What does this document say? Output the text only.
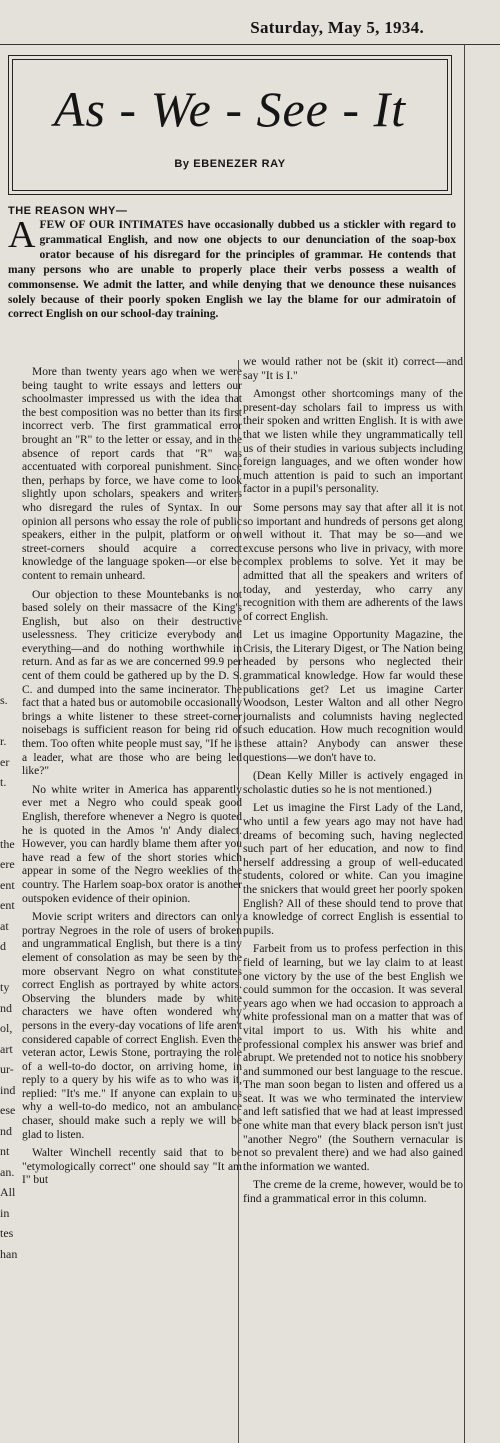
Saturday, May 5, 1934.
As - We - See - It
By EBENEZER RAY
THE REASON WHY—
A FEW OF OUR INTIMATES have occasionally dubbed us a stickler with regard to grammatical English, and now one objects to our denunciation of the soap-box orator because of his disregard for the principles of grammar. He contends that many persons who are unable to properly place their verbs possess a wealth of commonsense. We admit the latter, and while denying that we denounce these nuisances solely because of their poorly spoken English we lay the blame for our admiratoin of correct English on our school-day training.

More than twenty years ago when we were being taught to write essays and letters our schoolmaster impressed us with the idea that the best composition was no better than its first incorrect verb. The first grammatical error brought an "R" to the letter or essay, and in the absence of report cards that "R" was accentuated with corporeal punishment. Since then, perhaps by force, we have come to look slightly upon scholars, speakers and writers who disregard the rules of Syntax. In our opinion all persons who essay the role of public speakers, either in the pulpit, platform or on street-corners should acquire a correct knowledge of the language spoken—or else be content to remain unheard.

Our objection to these Mountebanks is not based solely on their massacre of the King's English, but also on their destructive uselessness. They criticize everybody and everything—and do nothing worthwhile in return. And as far as we are concerned 99.9 per cent of them could be gathered up by the D. S. C. and dumped into the same incinerator. The fact that a hated bus or automobile occasionally brings a white listener to these street-corner noisebags is sufficient reason for being rid of them. Too often white people must say, "If he is a leader, what are those who are being led like?"

No white writer in America has apparently ever met a Negro who could speak good English, therefore whenever a Negro is quoted he is quoted in the Amos 'n' Andy dialect. However, you can hardly blame them after you have read a few of the short stories which appear in some of the Negro weeklies of the country. The Harlem soap-box orator is another outspoken evidence of their opinion.

Movie script writers and directors can only portray Negroes in the role of users of broken and ungrammatical English, but there is a tiny element of consolation as may be seen by the more observant Negro on what constitutes correct English as portrayed by white actors. Observing the blunders made by white characters we have often wondered why persons in the every-day vocations of life aren't considered capable of correct English. Even the veteran actor, Lewis Stone, portraying the role of a well-to-do doctor, on arriving home, in reply to a query by his wife as to who was it, replied: "It's me." If anyone can explain to us why a well-to-do medico, not an ambulance chaser, should make such a reply we will be glad to listen.

Walter Winchell recently said that to be "etymologically correct" one should say "It am I" but

we would rather not be (skit it) correct—and say "It is I."

Amongst other shortcomings many of the present-day scholars fail to impress us with their spoken and written English. It is with awe that we listen while they ungrammatically tell us of their studies in various subjects including foreign languages, and we often wonder how much attention is paid to such an important factor in a pupil's personality.

Some persons may say that after all it is not so important and hundreds of persons get along well without it. That may be so—and we excuse persons who live in privacy, with more complex problems to solve. Yet it may be admitted that all the speakers and writers of today, and yesterday, who carry any recognition with them are adherents of the laws of correct English.

Let us imagine Opportunity Magazine, the Crisis, the Literary Digest, or The Nation being headed by persons who neglected their grammatical knowledge. How far would these publications get? Let us imagine Carter Woodson, Lester Walton and all other Negro journalists and columnists having neglected such education. How much recognition would these attain? Anybody can answer these questions—we don't have to.

(Dean Kelly Miller is actively engaged in scholastic duties so he is not mentioned.)

Let us imagine the First Lady of the Land, who until a few years ago may not have had dreams of becoming such, having neglected such part of her education, and now to find herself addressing a group of well-educated students, colored or white. Can you imagine the snickers that would greet her poorly spoken English? All of these should tend to prove that a knowledge of correct English is essential to pupils.

Farbeit from us to profess perfection in this field of learning, but we lay claim to at least one victory by the use of the best English we could summon for the occasion. It was several years ago when we had occasion to approach a white professional man on a matter that was of vital import to us. With his white and professional complex his answer was brief and abrupt. We pretended not to notice his snobbery and summoned our best language to the rescue. The man soon began to listen and offered us a seat. It was we who terminated the interview and left satisfied that we had at least impressed one white man that every black person isn't just "another Negro" (the Southern vernacular is not so prevalent there) and we had also gained the information we wanted.

The creme de la creme, however, would be to find a grammatical error in this column.

s.
r.
er
t.
the
ere
ent
ent
at
d
ty
nd
ol,
art
ur-
ind
ese
nd
nt
an.
All
in
tes
han
